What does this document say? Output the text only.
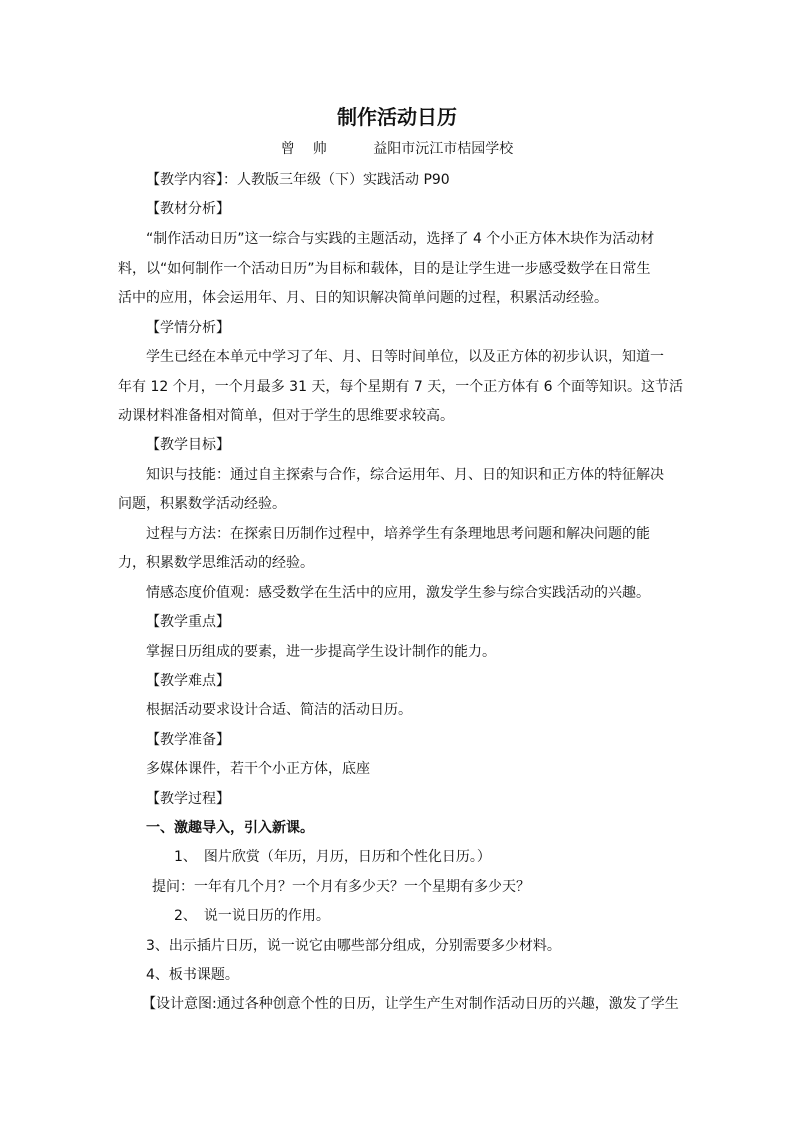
制作活动日历
曾　帅	益阳市沅江市桔园学校
【教学内容】：人教版三年级（下）实践活动 P90
【教材分析】
“制作活动日历”这一综合与实践的主题活动，选择了 4 个小正方体木块作为活动材
料，以“如何制作一个活动日历”为目标和载体，目的是让学生进一步感受数学在日常生
活中的应用，体会运用年、月、日的知识解决简单问题的过程，积累活动经验。
【学情分析】
学生已经在本单元中学习了年、月、日等时间单位，以及正方体的初步认识，知道一
年有 12 个月，一个月最多 31 天，每个星期有 7 天，一个正方体有 6 个面等知识。这节活
动课材料准备相对简单，但对于学生的思维要求较高。
【教学目标】
知识与技能：通过自主探索与合作，综合运用年、月、日的知识和正方体的特征解决
问题，积累数学活动经验。
过程与方法：在探索日历制作过程中，培养学生有条理地思考问题和解决问题的能
力，积累数学思维活动的经验。
情感态度价值观：感受数学在生活中的应用，激发学生参与综合实践活动的兴趣。
【教学重点】
掌握日历组成的要素，进一步提高学生设计制作的能力。
【教学难点】
根据活动要求设计合适、简洁的活动日历。
【教学准备】
多媒体课件，若干个小正方体，底座
【教学过程】
一、激趣导入，引入新课。
1、　图片欣赏（年历，月历，日历和个性化日历。）
提问：一年有几个月？一个月有多少天？一个星期有多少天？
2、　说一说日历的作用。
3、出示插片日历，说一说它由哪些部分组成，分别需要多少材料。
4、板书课题。
【设计意图:通过各种创意个性的日历，让学生产生对制作活动日历的兴趣，激发了学生
